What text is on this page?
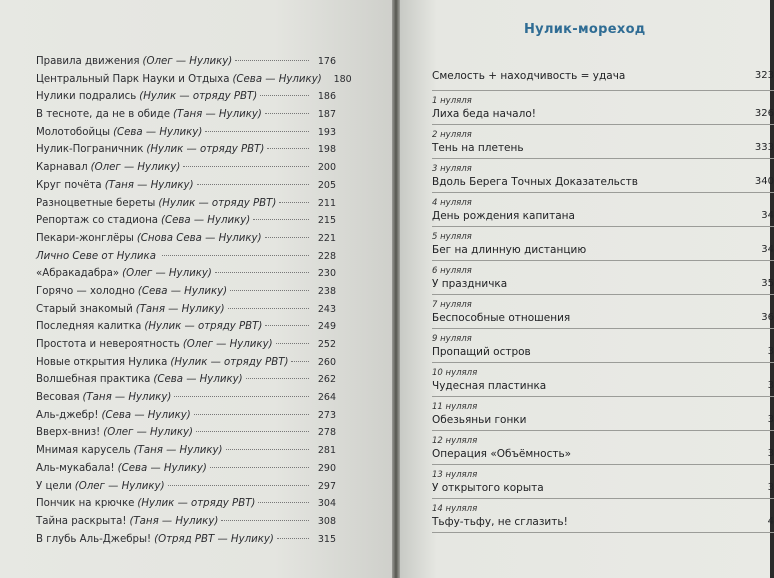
Правила движения (Олег — Нулику)	176
Центральный Парк Науки и Отдыха (Сева — Нулику)	180
Нулики подрались (Нулик — отряду РВТ)	186
В тесноте, да не в обиде (Таня — Нулику)	187
Молотобойцы (Сева — Нулику)	193
Нулик-Пограничник (Нулик — отряду РВТ)	198
Карнавал (Олег — Нулику)	200
Круг почёта (Таня — Нулику)	205
Разноцветные береты (Нулик — отряду РВТ)	211
Репортаж со стадиона (Сева — Нулику)	215
Пекари-жонглёры (Снова Сева — Нулику)	221
Лично Севе от Нулика	228
«Абракадабра» (Олег — Нулику)	230
Горячо — холодно (Сева — Нулику)	238
Старый знакомый (Таня — Нулику)	243
Последняя калитка (Нулик — отряду РВТ)	249
Простота и невероятность (Олег — Нулику)	252
Новые открытия Нулика (Нулик — отряду РВТ)	260
Волшебная практика (Сева — Нулику)	262
Весовая (Таня — Нулику)	264
Аль-джебр! (Сева — Нулику)	273
Вверх-вниз! (Олег — Нулику)	278
Мнимая карусель (Таня — Нулику)	281
Аль-мукабала! (Сева — Нулику)	290
У цели (Олег — Нулику)	297
Пончик на крючке (Нулик — отряду РВТ)	304
Тайна раскрыта! (Таня — Нулику)	308
В глубь Аль-Джебры! (Отряд РВТ — Нулику)	315
Нулик-мореход
Смелость + находчивость = удача	323
1 нуляля
Лиха беда начало!	326
2 нуляля
Тень на плетень	333
3 нуляля
Вдоль Берега Точных Доказательств	340
4 нуляля
День рождения капитана	34
5 нуляля
Бег на длинную дистанцию	34
6 нуляля
У праздничка	35
7 нуляля
Беспособные отношения	36
9 нуляля
Пропащий остров	3
10 нуляля
Чудесная пластинка	3
11 нуляля
Обезьяньи гонки	3
12 нуляля
Операция «Объёмность»	3
13 нуляля
У открытого корыта	3
14 нуляля
Тьфу-тьфу, не сглазить!	4
